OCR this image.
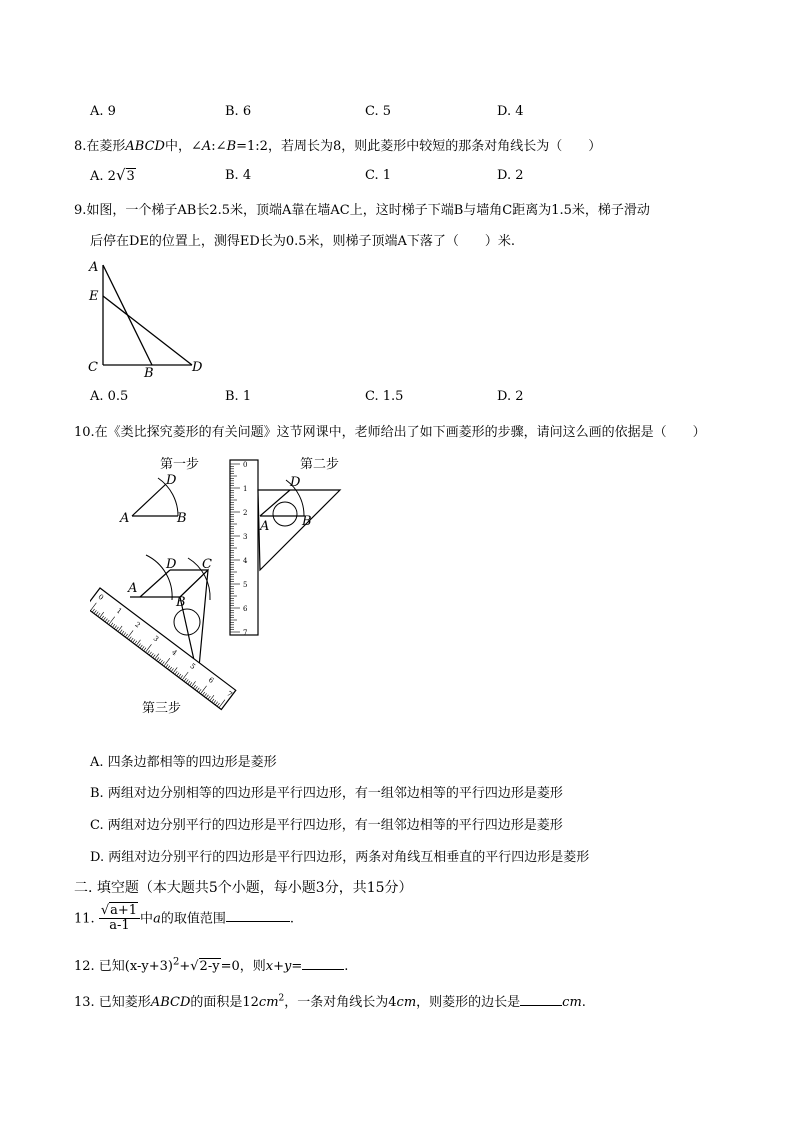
A. 9	B. 6	C. 5	D. 4
8.在菱形ABCD中，∠A:∠B=1:2，若周长为8，则此菱形中较短的那条对角线长为（　　）
A. 2√3	B. 4	C. 1	D. 2
9.如图，一个梯子AB长2.5米，顶端A靠在墙AC上，这时梯子下端B与墙角C距离为1.5米，梯子滑动
后停在DE的位置上，测得ED长为0.5米，则梯子顶端A下落了（　　）米.
A
E
C	B	D
A. 0.5	B. 1	C. 1.5	D. 2
10.在《类比探究菱形的有关问题》这节网课中，老师给出了如下画菱形的步骤，请问这么画的依据是（　　）
第一步
D
A	B
第二步
0
1
2
3
4
5
6
7
D
A	B
0
1
2
3
4
5
6
7
D C
A
B
第三步
A. 四条边都相等的四边形是菱形
B. 两组对边分别相等的四边形是平行四边形，有一组邻边相等的平行四边形是菱形
C. 两组对边分别平行的四边形是平行四边形，有一组邻边相等的平行四边形是菱形
D. 两组对边分别平行的四边形是平行四边形，两条对角线互相垂直的平行四边形是菱形
二. 填空题（本大题共5个小题，每小题3分，共15分）
11. $\frac{√a+1}{a-1}$ 中a的取值范围	.
12. 已知$(x-y+3)^2+√2-y=0$，则x+y=	.
13. 已知菱形ABCD的面积是$12cm^2$，一条对角线长为4cm，则菱形的边长是	cm.
